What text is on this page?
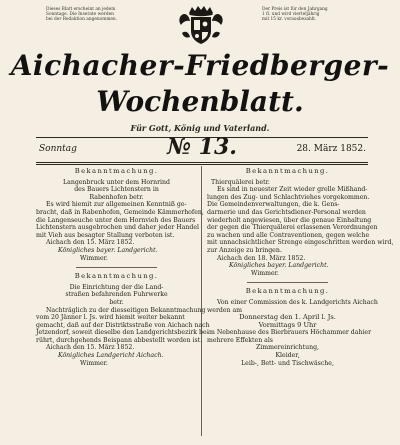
Dieses Blatt erscheint an jedem
Sonntage. Die Inserate werden
bei der Redaktion angenommen.
Der Preis ist für den Jahrgang
1 fl. und wird vierteljährig
mit 15 kr. vorausbezahlt.
Aichacher-Friedberger-
Wochenblatt.
Für Gott, König und Vaterland.
Sonntag	№ 13.	28. März 1852.
Bekanntmachung.
Langenbruck unter dem Hornrind
des Bauers Lichtenstern in
Rabenhofen betr.
Es wird hiemit zur allgemeinen Kenntniß ge-
bracht, daß in Rabenhofen, Gemeinde Kämmerhofen,
die Langenseuche unter dem Hornvieh des Bauers
Lichtenstern ausgebrochen und daher jeder Handel
mit Vieh aus besagter Stallung verboten ist.
Aichach den 15. März 1852.
Königliches bayer. Landgericht.
Wimmer.
Bekanntmachung.
Die Einrichtung der die Land-
straßen befahrenden Fuhrwerke
betr.
Nachträglich zu der diesseitigen Bekanntmachung
vom 20 Jänner l. Js. wird hiemit weiter bekannt
gemacht, daß auf der Distriktsstraße von Aichach nach
Jetzendorf, soweit dieselbe den Landgerichtsbezirk be-
rührt, durchgehends Beispann abbestellt worden ist.
Aichach den 15. März 1852.
Königliches Landgericht Aichach.
Wimmer.
Bekanntmachung.
Thierquälerei betr.
Es sind in neuester Zeit wieder grelle Mißhand-
lungen des Zug- und Schlachtviehes vorgekommen.
Die Gemeindenverwaltungen, die k. Gens-
darmerie und das Gerichtsdiener-Personal werden
wiederholt angewiesen, über die genaue Einhaltung
der gegen die Thierquälerei erlassenen Verordnungen
zu wachen und alle Contraventionen, gegen welche
mit unnachsichtlicher Strenge eingeschritten werden wird,
zur Anzeige zu bringen.
Aichach den 18. März 1852.
Königliches bayer. Landgericht.
Wimmer.
Bekanntmachung.
Von einer Commission des k. Landgerichts Aichach
werden am
Donnerstag den 1. April l. Js.
Vormittags 9 Uhr
im Nebenhause des Bierbrauers Höchammer dahier
mehrere Effekten als
Zimmereinrichtung,
Kleider,
Leib-, Bett- und Tischwäsche,
